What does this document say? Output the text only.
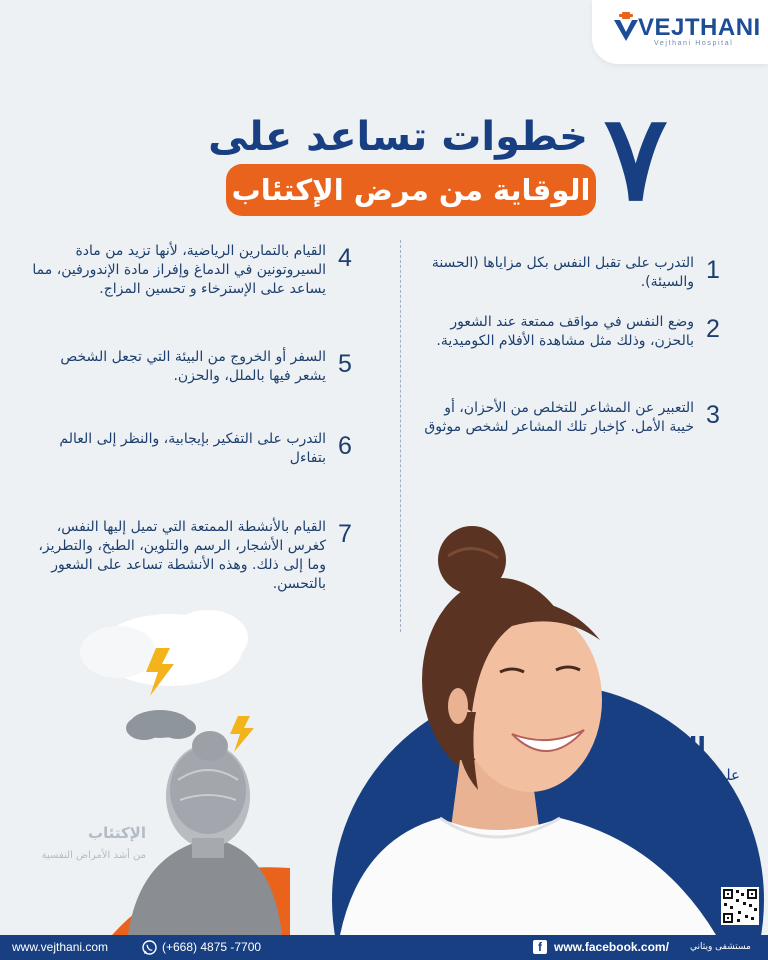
VEJTHANI
Vejthani Hospital
٧
خطوات تساعد على
الوقاية من مرض الإكتئاب
1
التدرب على تقبل النفس بكل مزاياها (الحسنة والسيئة).
2
وضع النفس في مواقف ممتعة عند الشعور بالحزن، وذلك مثل مشاهدة الأفلام الكوميدية.
3
التعبير عن المشاعر للتخلص من الأحزان، أو خيبة الأمل. كإخبار تلك المشاعر لشخص موثوق
4
القيام بالتمارين الرياضية، لأنها تزيد من مادة السيروتونين في الدماغ وإفراز مادة الإندورفين، مما يساعد على الإسترخاء و تحسين المزاج.
5
السفر أو الخروج من البيئة التي تجعل الشخص يشعر فيها بالملل، والحزن.
6
التدرب على التفكير بإيجابية، والنظر إلى العالم بتفاءل
7
القيام بالأنشطة الممتعة التي تميل إليها النفس، كغرس الأشجار، الرسم والتلوين، الطبخ، والتطريز، وما إلى ذلك. وهذه الأنشطة تساعد على الشعور بالتحسن.
التدرب
على التفكير بإيجابية
الإكتئاب
من أشد الأمراض النفسية
www.vejthani.com	(+668) 4875 -7700	f	www.facebook.com/ مستشفى ويثاني
